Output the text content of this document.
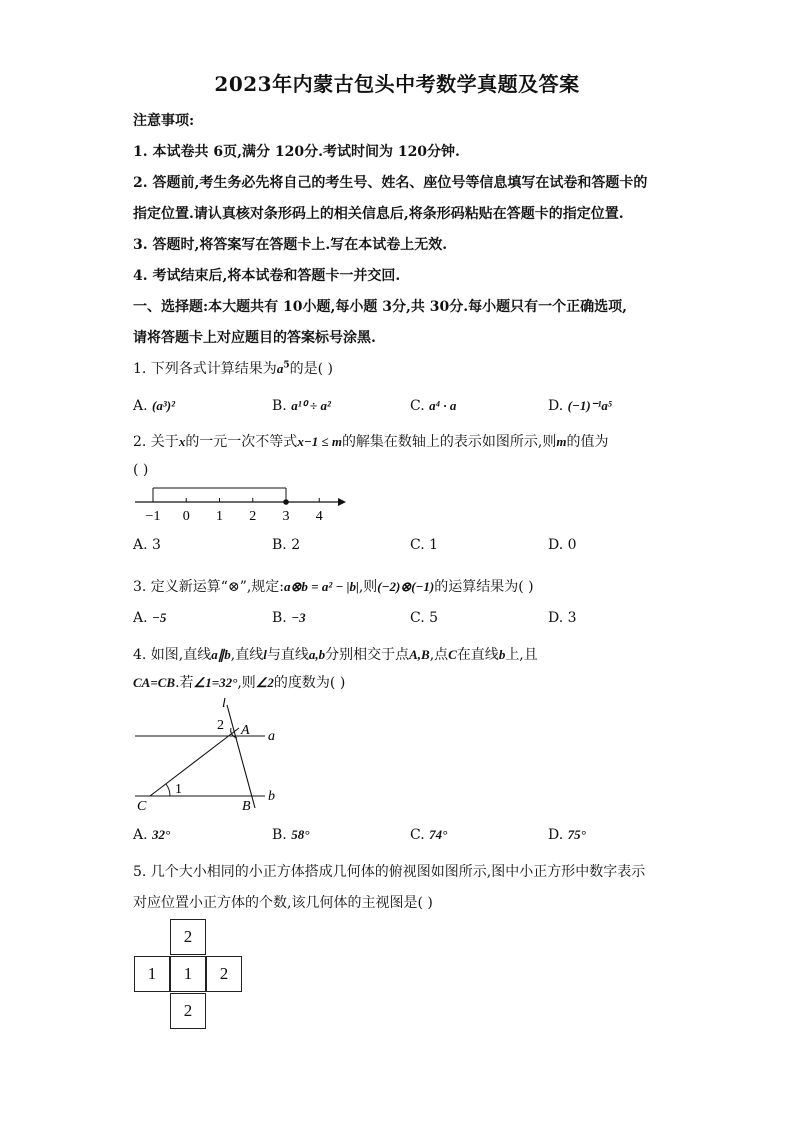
2023年内蒙古包头中考数学真题及答案
注意事项:
1. 本试卷共 6页,满分 120分.考试时间为 120分钟.
2. 答题前,考生务必先将自己的考生号、姓名、座位号等信息填写在试卷和答题卡的
指定位置.请认真核对条形码上的相关信息后,将条形码粘贴在答题卡的指定位置.
3. 答题时,将答案写在答题卡上.写在本试卷上无效.
4. 考试结束后,将本试卷和答题卡一并交回.
一、选择题:本大题共有 10小题,每小题 3分,共 30分.每小题只有一个正确选项,
请将答题卡上对应题目的答案标号涂黑.
1. 下列各式计算结果为$a^5$的是( )
A. (a³)²	B. a¹⁰ ÷ a²	C. a⁴ · a	D. (−1)⁻¹a⁵
2. 关于x的一元一次不等式x−1 ≤ m的解集在数轴上的表示如图所示,则m的值为
( )
−1 0 1 2 3 4
A. 3	B. 2	C. 1	D. 0
3. 定义新运算“⊗”,规定:a⊗b = a² − |b|,则(−2)⊗(−1)的运算结果为( )
A. −5	B. −3	C. 5	D. 3
4. 如图,直线a∥b,直线l与直线a,b分别相交于点A,B,点C在直线b上,且
CA=CB.若∠1=32°,则∠2的度数为( )
l
2 A a
1	b
C	B
A. 32°	B. 58°	C. 74°	D. 75°
5. 几个大小相同的小正方体搭成几何体的俯视图如图所示,图中小正方形中数字表示
对应位置小正方体的个数,该几何体的主视图是( )
2
1	1	2
2
